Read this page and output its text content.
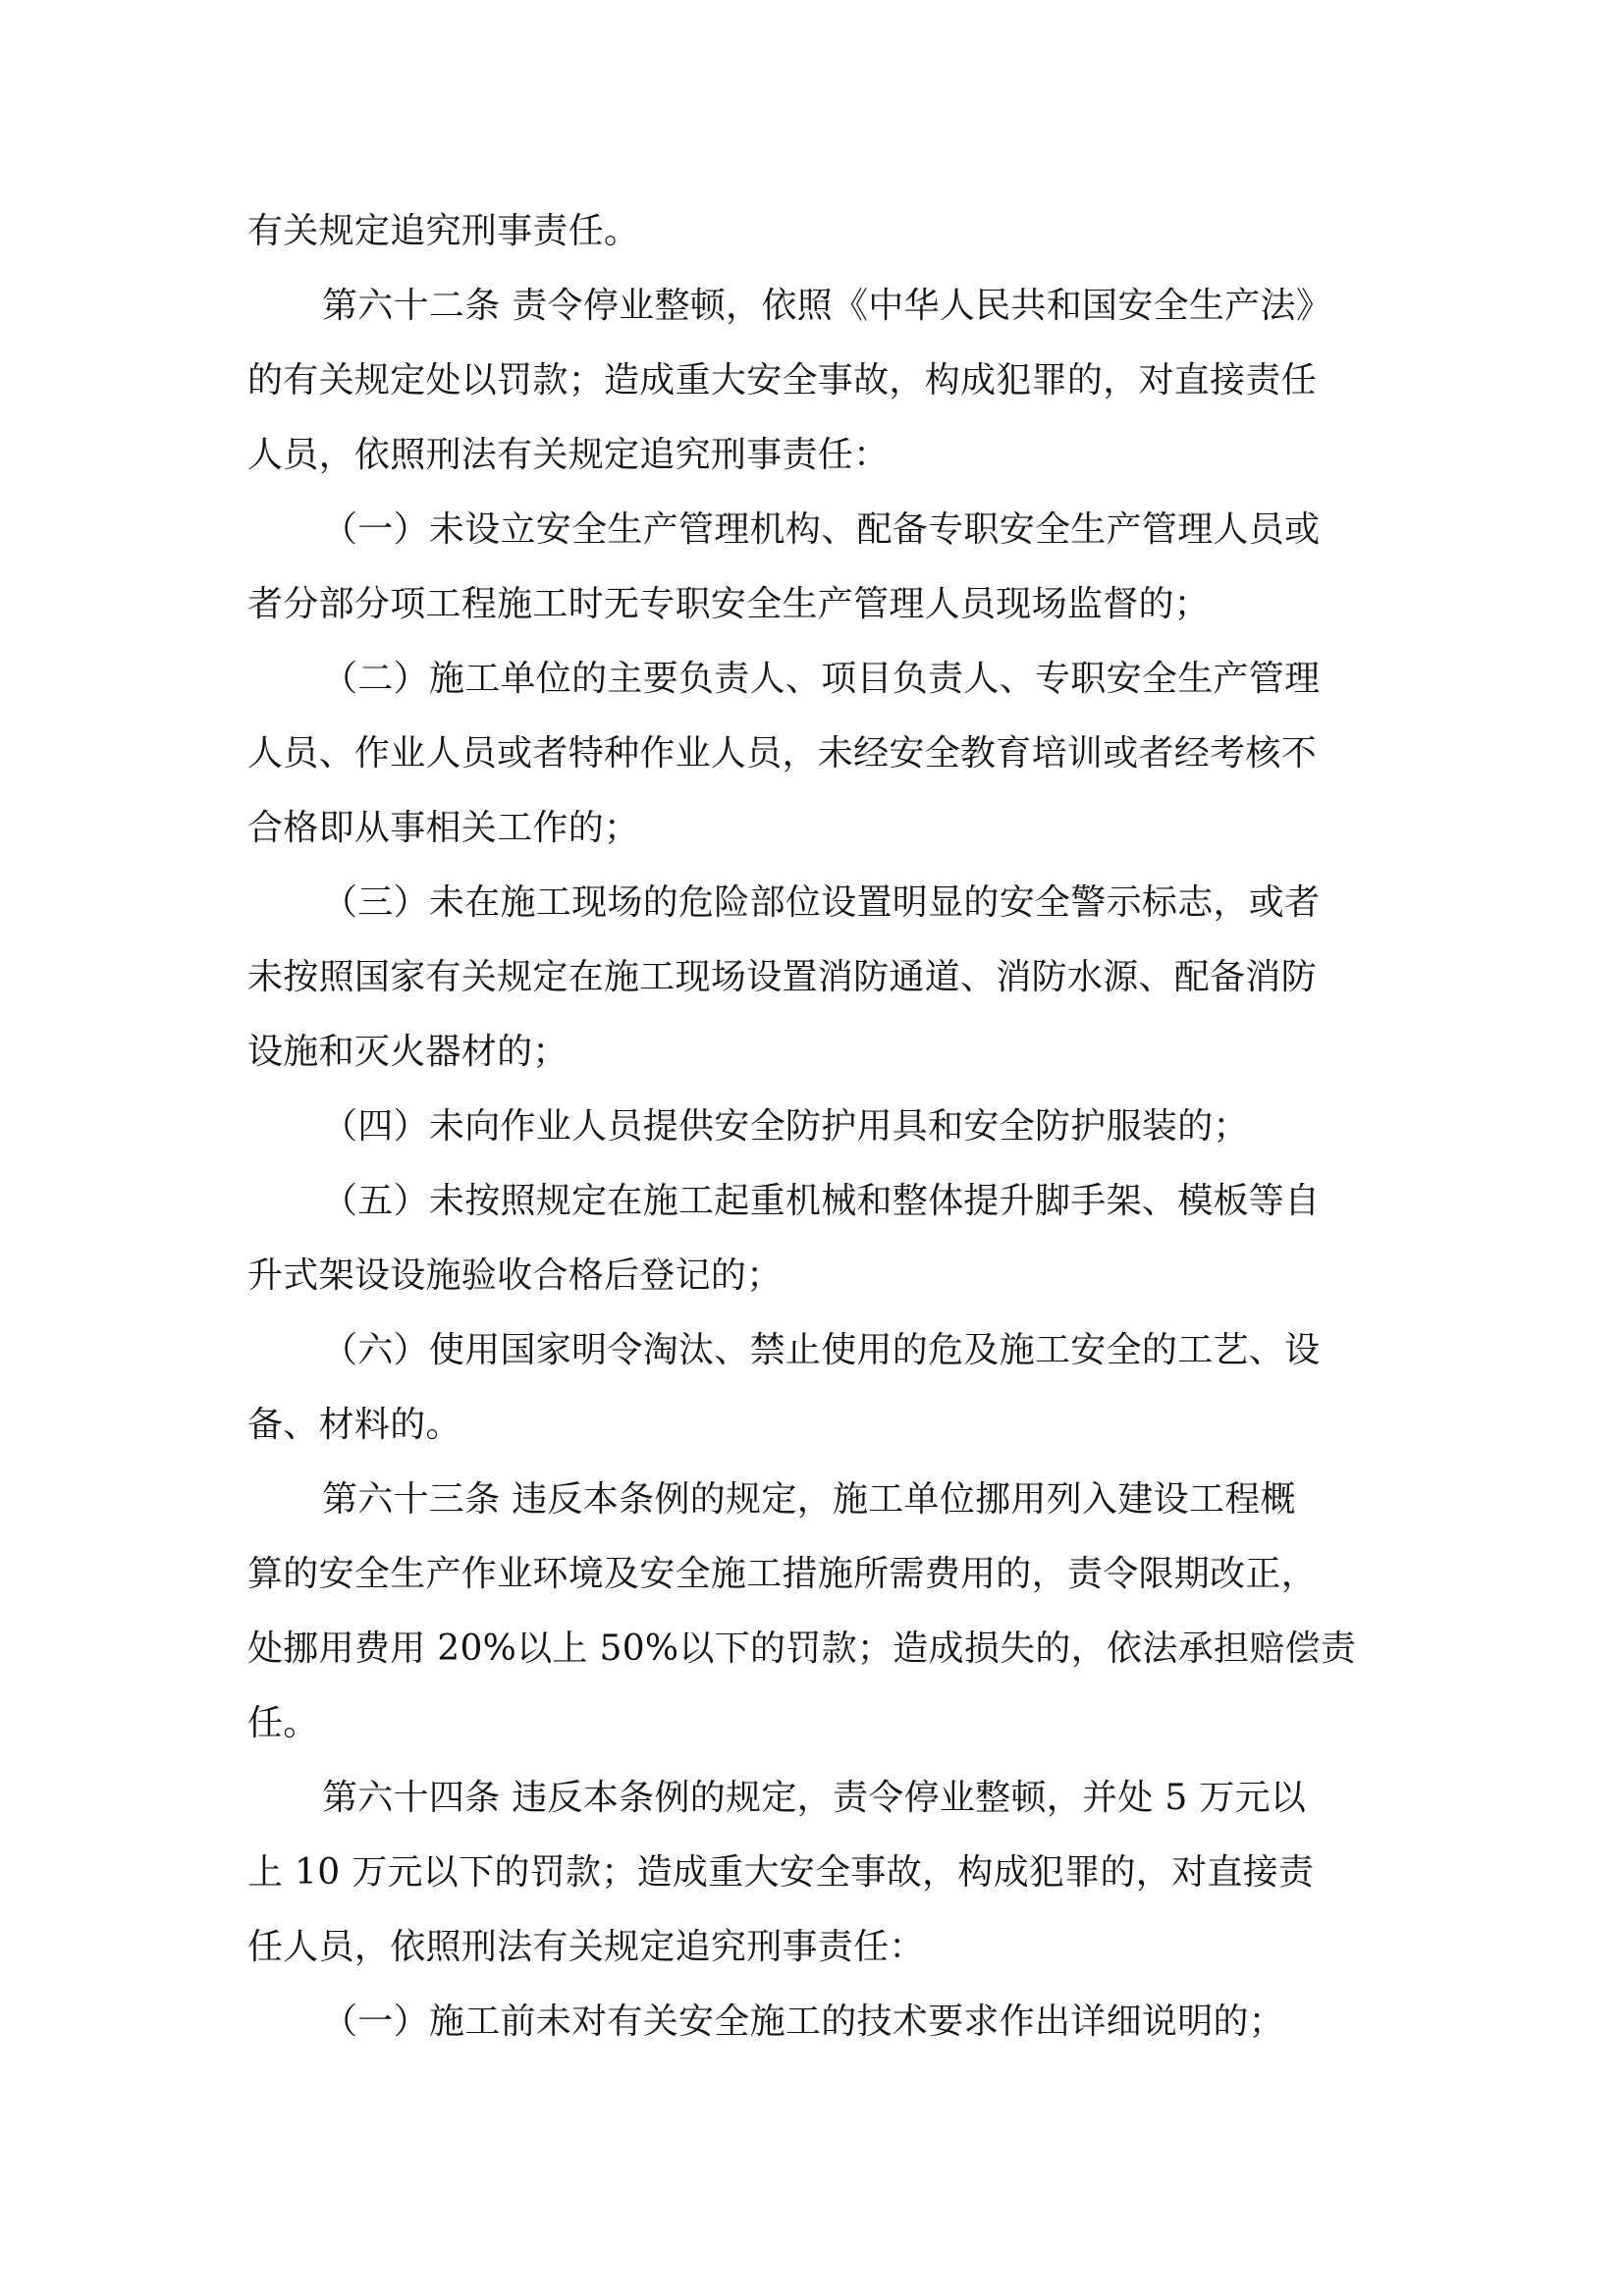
有关规定追究刑事责任。
第六十二条 责令停业整顿，依照《中华人民共和国安全生产法》
的有关规定处以罚款；造成重大安全事故，构成犯罪的，对直接责任
人员，依照刑法有关规定追究刑事责任：
（一）未设立安全生产管理机构、配备专职安全生产管理人员或
者分部分项工程施工时无专职安全生产管理人员现场监督的；
（二）施工单位的主要负责人、项目负责人、专职安全生产管理
人员、作业人员或者特种作业人员，未经安全教育培训或者经考核不
合格即从事相关工作的；
（三）未在施工现场的危险部位设置明显的安全警示标志，或者
未按照国家有关规定在施工现场设置消防通道、消防水源、配备消防
设施和灭火器材的；
（四）未向作业人员提供安全防护用具和安全防护服装的；
（五）未按照规定在施工起重机械和整体提升脚手架、模板等自
升式架设设施验收合格后登记的；
（六）使用国家明令淘汰、禁止使用的危及施工安全的工艺、设
备、材料的。
第六十三条 违反本条例的规定，施工单位挪用列入建设工程概
算的安全生产作业环境及安全施工措施所需费用的，责令限期改正，
处挪用费用 20%以上 50%以下的罚款；造成损失的，依法承担赔偿责
任。
第六十四条 违反本条例的规定，责令停业整顿，并处 5 万元以
上 10 万元以下的罚款；造成重大安全事故，构成犯罪的，对直接责
任人员，依照刑法有关规定追究刑事责任：
（一）施工前未对有关安全施工的技术要求作出详细说明的；
